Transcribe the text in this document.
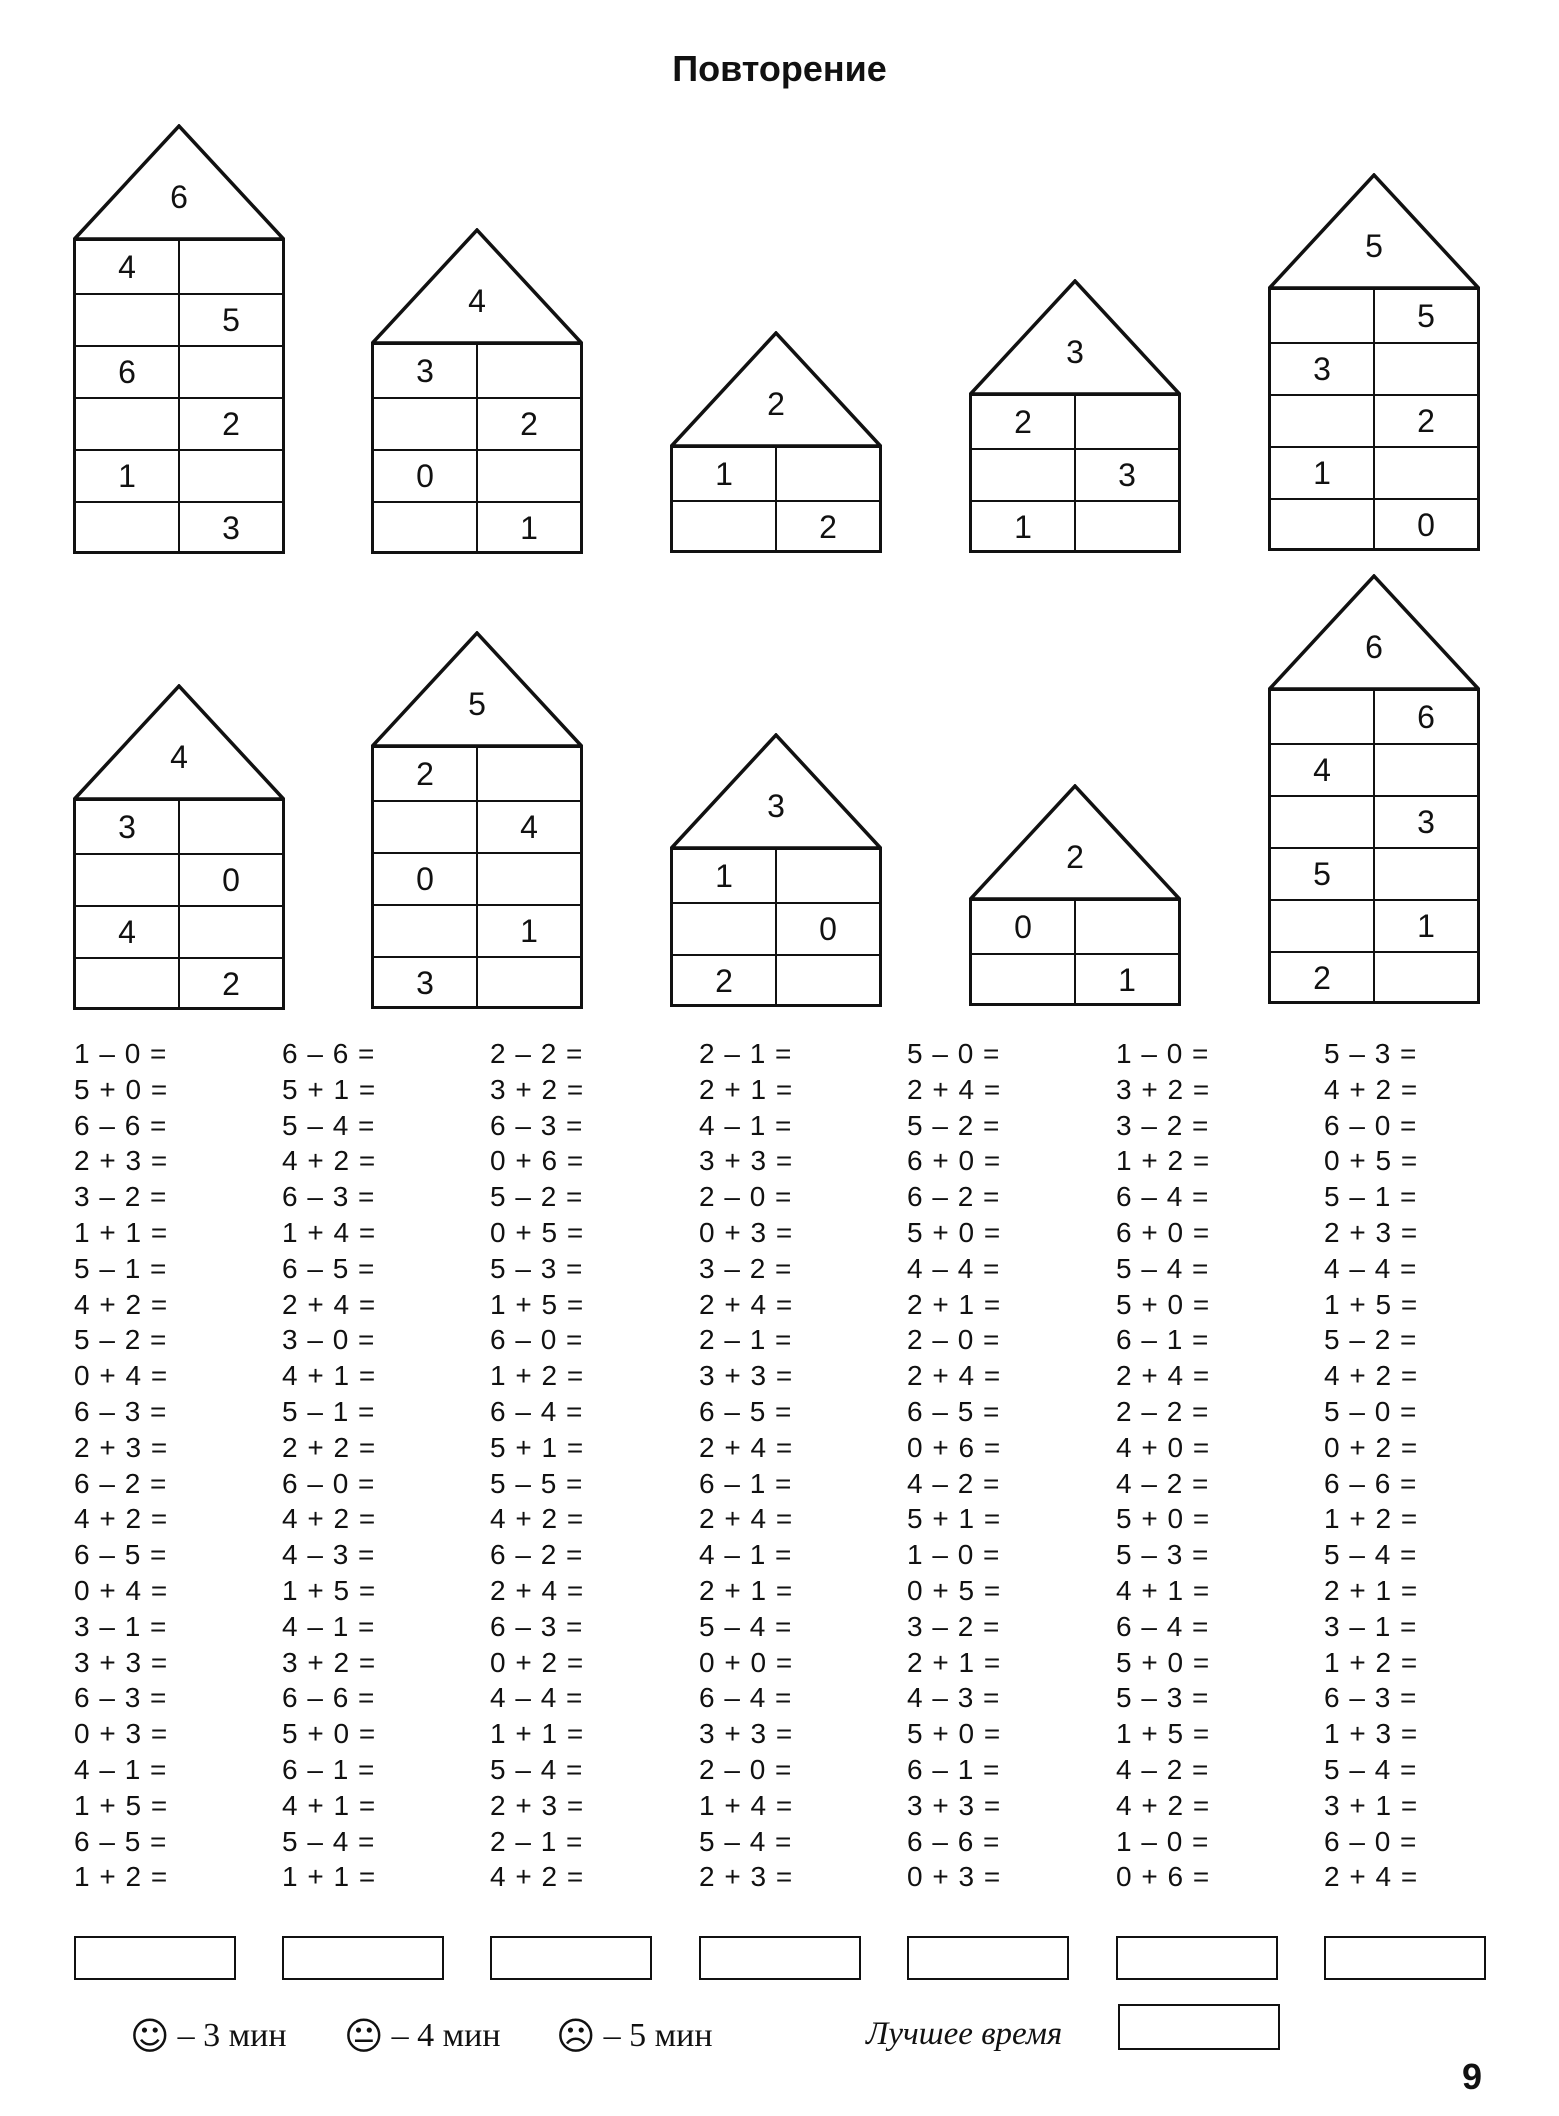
Повторение
6
4
5
6
2
1
3
4
3
2
0
1
2
1
2
3
2
3
1
5
5
3
2
1
0
4
3
0
4
2
5
2
4
0
1
3
3
1
0
2
2
0
1
6
6
4
3
5
1
2
1 – 0 =
5 + 0 =
6 – 6 =
2 + 3 =
3 – 2 =
1 + 1 =
5 – 1 =
4 + 2 =
5 – 2 =
0 + 4 =
6 – 3 =
2 + 3 =
6 – 2 =
4 + 2 =
6 – 5 =
0 + 4 =
3 – 1 =
3 + 3 =
6 – 3 =
0 + 3 =
4 – 1 =
1 + 5 =
6 – 5 =
1 + 2 =
6 – 6 =
5 + 1 =
5 – 4 =
4 + 2 =
6 – 3 =
1 + 4 =
6 – 5 =
2 + 4 =
3 – 0 =
4 + 1 =
5 – 1 =
2 + 2 =
6 – 0 =
4 + 2 =
4 – 3 =
1 + 5 =
4 – 1 =
3 + 2 =
6 – 6 =
5 + 0 =
6 – 1 =
4 + 1 =
5 – 4 =
1 + 1 =
2 – 2 =
3 + 2 =
6 – 3 =
0 + 6 =
5 – 2 =
0 + 5 =
5 – 3 =
1 + 5 =
6 – 0 =
1 + 2 =
6 – 4 =
5 + 1 =
5 – 5 =
4 + 2 =
6 – 2 =
2 + 4 =
6 – 3 =
0 + 2 =
4 – 4 =
1 + 1 =
5 – 4 =
2 + 3 =
2 – 1 =
4 + 2 =
2 – 1 =
2 + 1 =
4 – 1 =
3 + 3 =
2 – 0 =
0 + 3 =
3 – 2 =
2 + 4 =
2 – 1 =
3 + 3 =
6 – 5 =
2 + 4 =
6 – 1 =
2 + 4 =
4 – 1 =
2 + 1 =
5 – 4 =
0 + 0 =
6 – 4 =
3 + 3 =
2 – 0 =
1 + 4 =
5 – 4 =
2 + 3 =
5 – 0 =
2 + 4 =
5 – 2 =
6 + 0 =
6 – 2 =
5 + 0 =
4 – 4 =
2 + 1 =
2 – 0 =
2 + 4 =
6 – 5 =
0 + 6 =
4 – 2 =
5 + 1 =
1 – 0 =
0 + 5 =
3 – 2 =
2 + 1 =
4 – 3 =
5 + 0 =
6 – 1 =
3 + 3 =
6 – 6 =
0 + 3 =
1 – 0 =
3 + 2 =
3 – 2 =
1 + 2 =
6 – 4 =
6 + 0 =
5 – 4 =
5 + 0 =
6 – 1 =
2 + 4 =
2 – 2 =
4 + 0 =
4 – 2 =
5 + 0 =
5 – 3 =
4 + 1 =
6 – 4 =
5 + 0 =
5 – 3 =
1 + 5 =
4 – 2 =
4 + 2 =
1 – 0 =
0 + 6 =
5 – 3 =
4 + 2 =
6 – 0 =
0 + 5 =
5 – 1 =
2 + 3 =
4 – 4 =
1 + 5 =
5 – 2 =
4 + 2 =
5 – 0 =
0 + 2 =
6 – 6 =
1 + 2 =
5 – 4 =
2 + 1 =
3 – 1 =
1 + 2 =
6 – 3 =
1 + 3 =
5 – 4 =
3 + 1 =
6 – 0 =
2 + 4 =
☺ – 3 мин 😐︎ – 4 мин ☹ – 5 мин	Лучшее время
9
